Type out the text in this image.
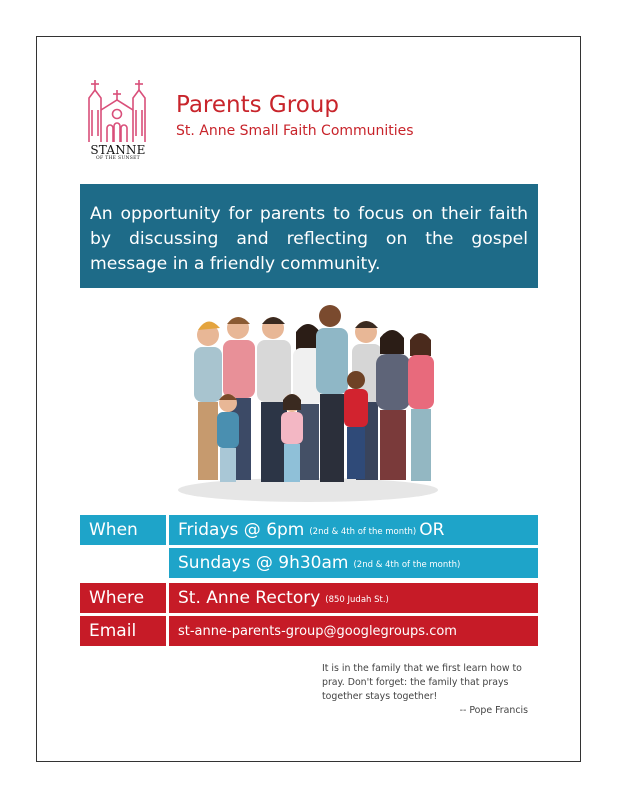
STANNE
OF THE SUNSET
Parents Group
St. Anne Small Faith Communities
An opportunity for parents to focus on their faith by discussing and reflecting on the gospel message in a friendly community.
When Fridays @ 6pm (2nd & 4th of the month) OR
Sundays @ 9h30am (2nd & 4th of the month)
Where St. Anne Rectory (850 Judah St.)
Email	st-anne-parents-group@googlegroups.com
It is in the family that we first learn how to pray. Don't forget: the family that prays together stays together!
-- Pope Francis
